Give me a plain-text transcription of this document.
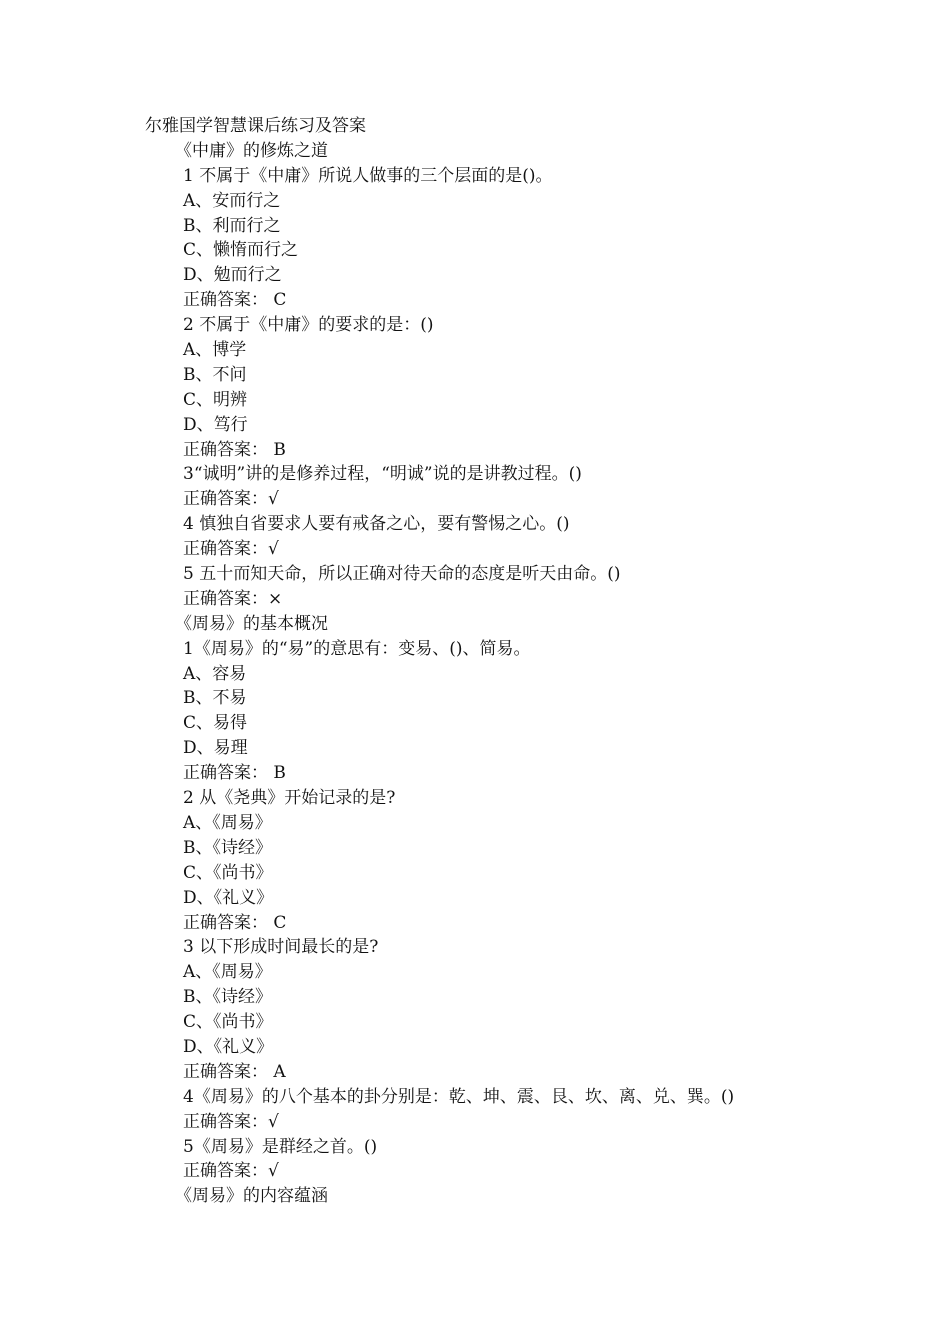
尔雅国学智慧课后练习及答案
《中庸》的修炼之道
1 不属于《中庸》所说人做事的三个层面的是()。
A、安而行之
B、利而行之
C、懒惰而行之
D、勉而行之
正确答案： C
2 不属于《中庸》的要求的是：()
A、博学
B、不问
C、明辨
D、笃行
正确答案： B
3“诚明”讲的是修养过程，“明诚”说的是讲教过程。()
正确答案：√
4 慎独自省要求人要有戒备之心，要有警惕之心。()
正确答案：√
5 五十而知天命，所以正确对待天命的态度是听天由命。()
正确答案：×
《周易》的基本概况
1《周易》的“易”的意思有：变易、()、简易。
A、容易
B、不易
C、易得
D、易理
正确答案： B
2 从《尧典》开始记录的是?
A、《周易》
B、《诗经》
C、《尚书》
D、《礼义》
正确答案： C
3 以下形成时间最长的是?
A、《周易》
B、《诗经》
C、《尚书》
D、《礼义》
正确答案： A
4《周易》的八个基本的卦分别是：乾、坤、震、艮、坎、离、兑、巽。()
正确答案：√
5《周易》是群经之首。()
正确答案：√
《周易》的内容蕴涵
